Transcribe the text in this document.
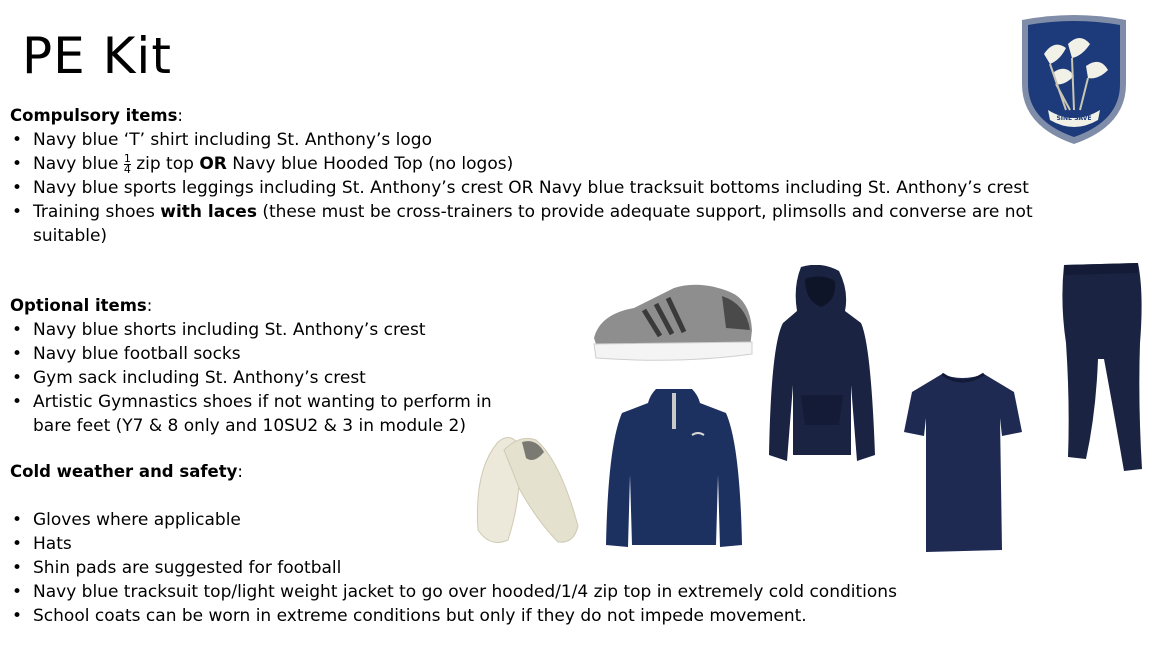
PE Kit
SINE SAVE
Compulsory items:
• Navy blue ‘T’ shirt including St. Anthony’s logo
• Navy blue $\frac{1}{4}$ zip top OR Navy blue Hooded Top (no logos)
• Navy blue sports leggings including St. Anthony’s crest OR Navy blue tracksuit bottoms including St. Anthony’s crest
• Training shoes with laces (these must be cross-trainers to provide adequate support, plimsolls and converse are not suitable)
Optional items:
• Navy blue shorts including St. Anthony’s crest
• Navy blue football socks
• Gym sack including St. Anthony’s crest
• Artistic Gymnastics shoes if not wanting to perform in bare feet (Y7 & 8 only and 10SU2 & 3 in module 2)
Cold weather and safety:
• Gloves where applicable
• Hats
• Shin pads are suggested for football
• Navy blue tracksuit top/light weight jacket to go over hooded/1/4 zip top in extremely cold conditions
• School coats can be worn in extreme conditions but only if they do not impede movement.
